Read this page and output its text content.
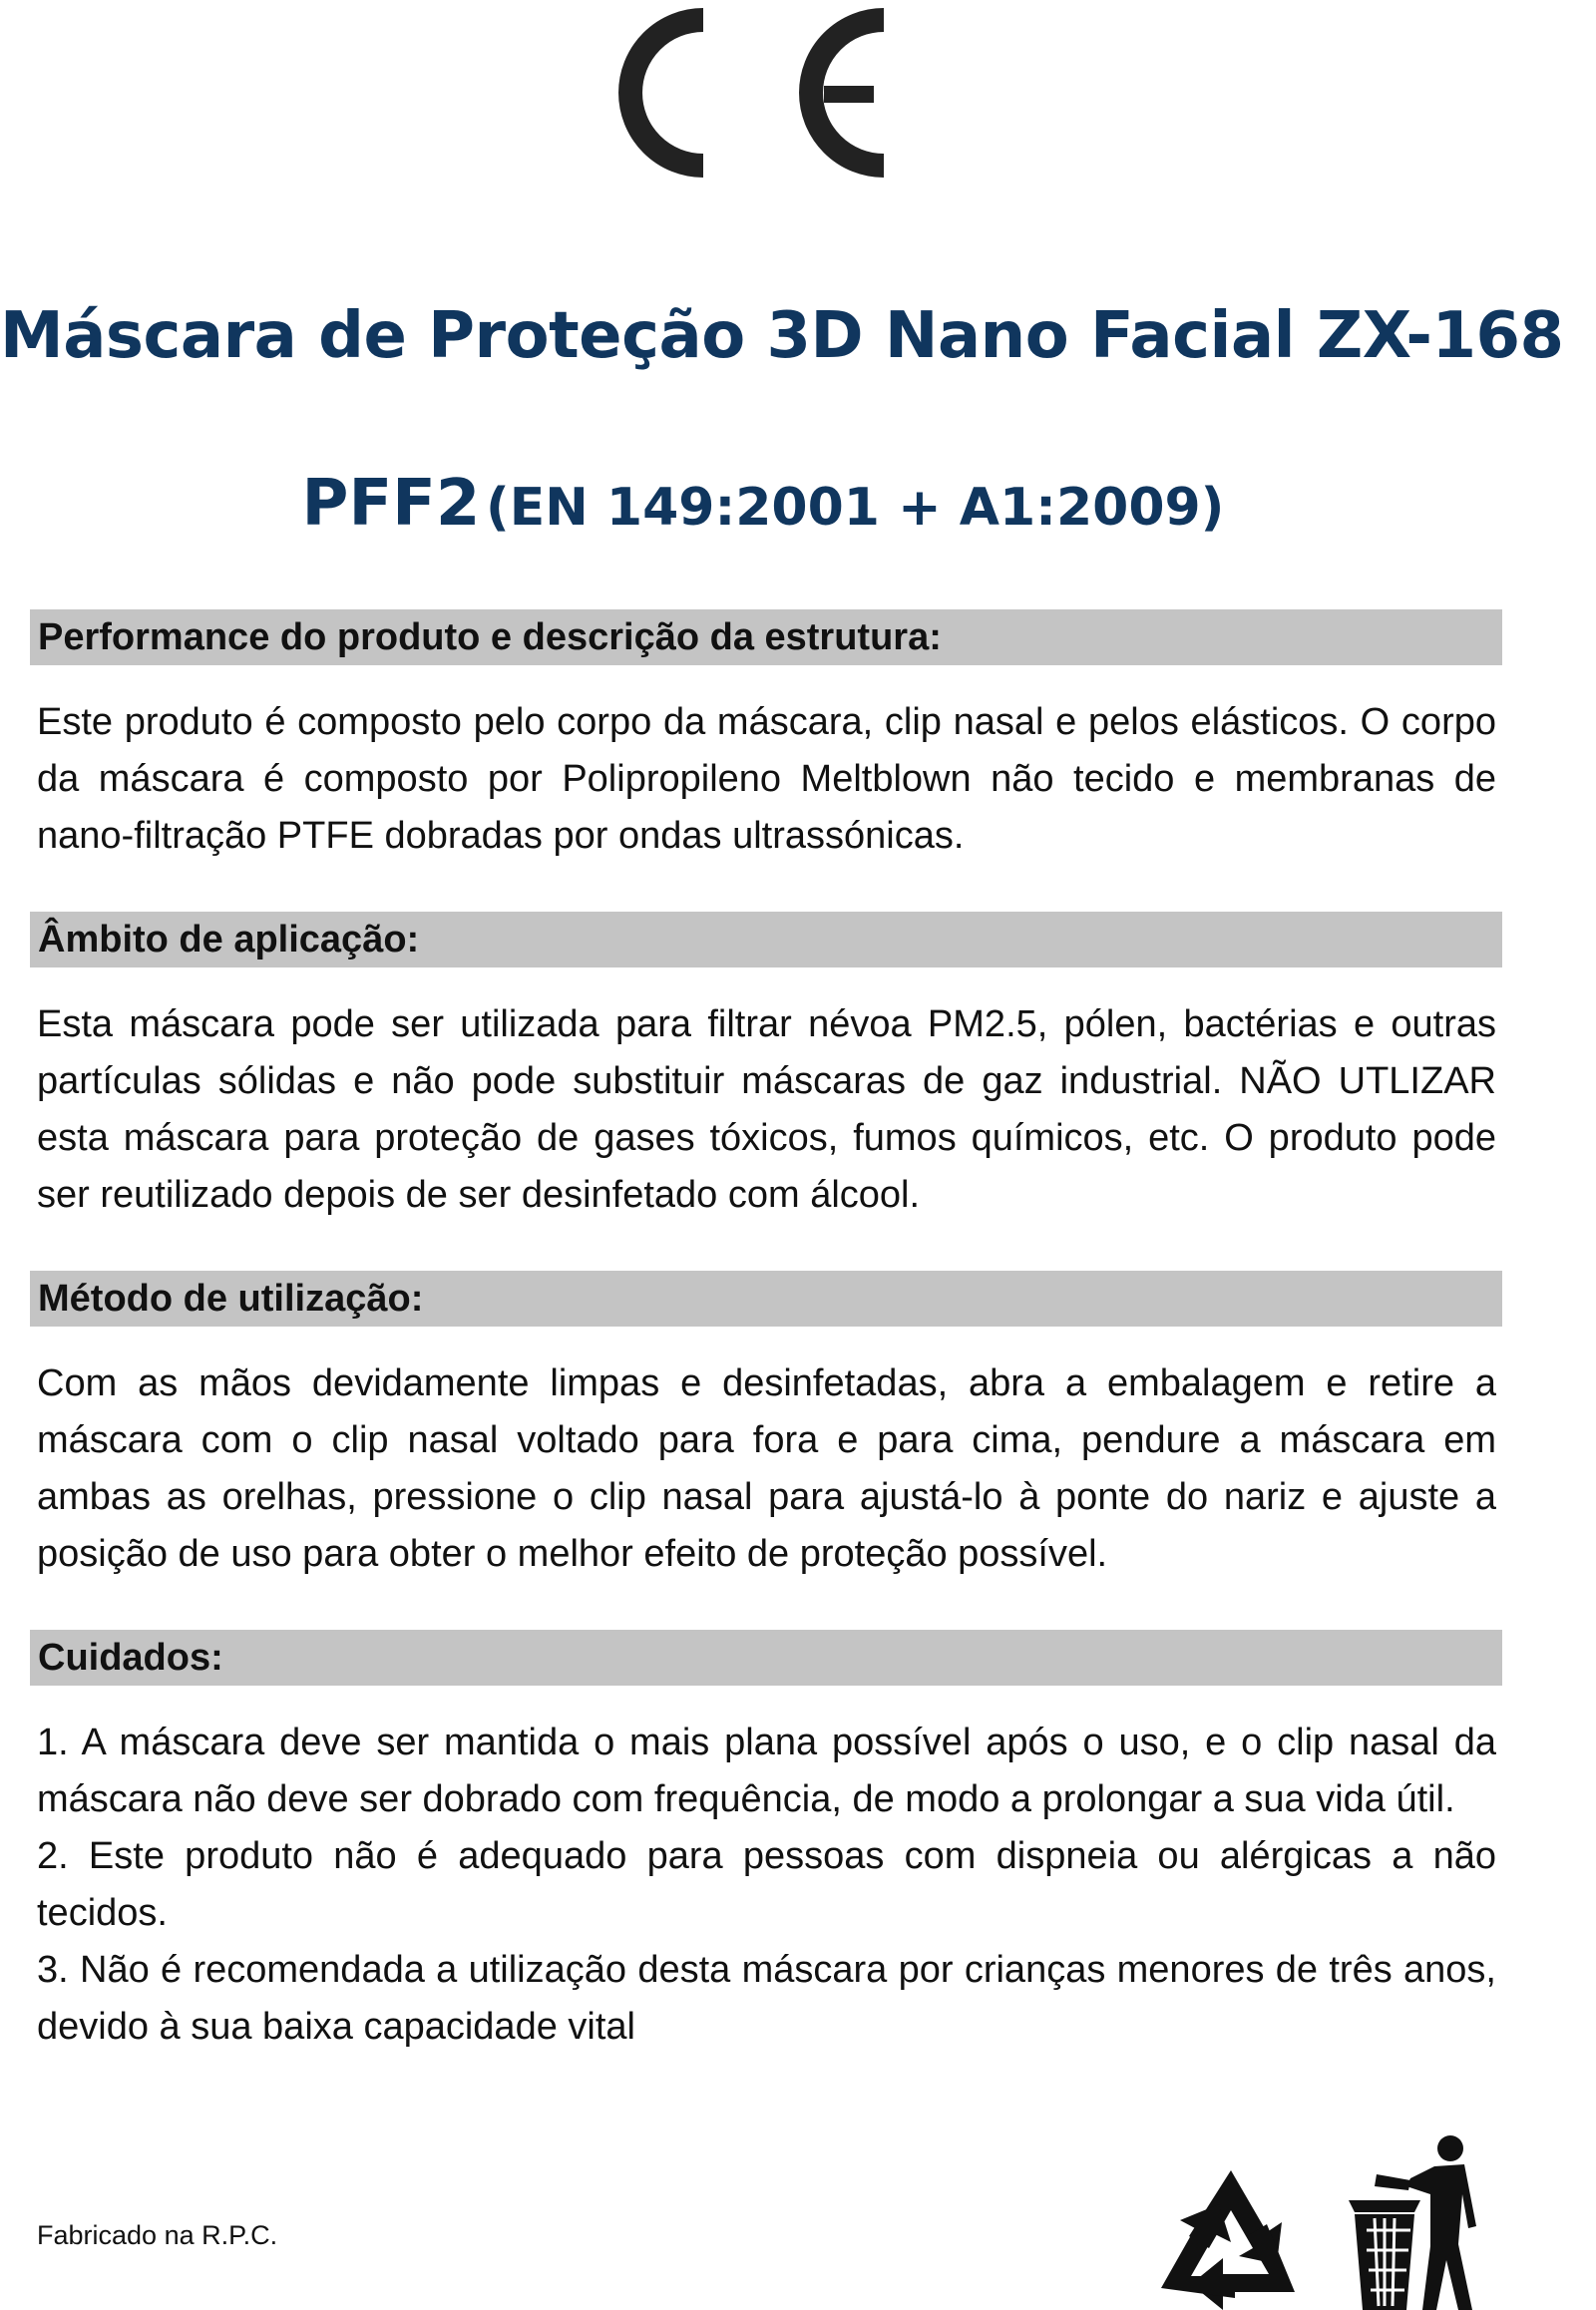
Máscara de Proteção 3D Nano Facial ZX-168
PFF2 (EN 149:2001 + A1:2009)
Performance do produto e descrição da estrutura:

Este produto é composto pelo corpo da máscara, clip nasal e pelos elásticos. O corpo da máscara é composto por Polipropileno Meltblown não tecido e membranas de nano-filtração PTFE dobradas por ondas ultrassónicas.

Âmbito de aplicação:

Esta máscara pode ser utilizada para filtrar névoa PM2.5, pólen, bactérias e outras partículas sólidas e não pode substituir máscaras de gaz industrial. NÃO UTLIZAR esta máscara para proteção de gases tóxicos, fumos químicos, etc. O produto pode ser reutilizado depois de ser desinfetado com álcool.

Método de utilização:

Com as mãos devidamente limpas e desinfetadas, abra a embalagem e retire a máscara com o clip nasal voltado para fora e para cima, pendure a máscara em ambas as orelhas, pressione o clip nasal para ajustá-lo à ponte do nariz e ajuste a posição de uso para obter o melhor efeito de proteção possível.

Cuidados:

1. A máscara deve ser mantida o mais plana possível após o uso, e o clip nasal da máscara não deve ser dobrado com frequência, de modo a prolongar a sua vida útil.

2. Este produto não é adequado para pessoas com dispneia ou alérgicas a não tecidos.

3. Não é recomendada a utilização desta máscara por crianças menores de três anos, devido à sua baixa capacidade vital

Fabricado na R.P.C.
